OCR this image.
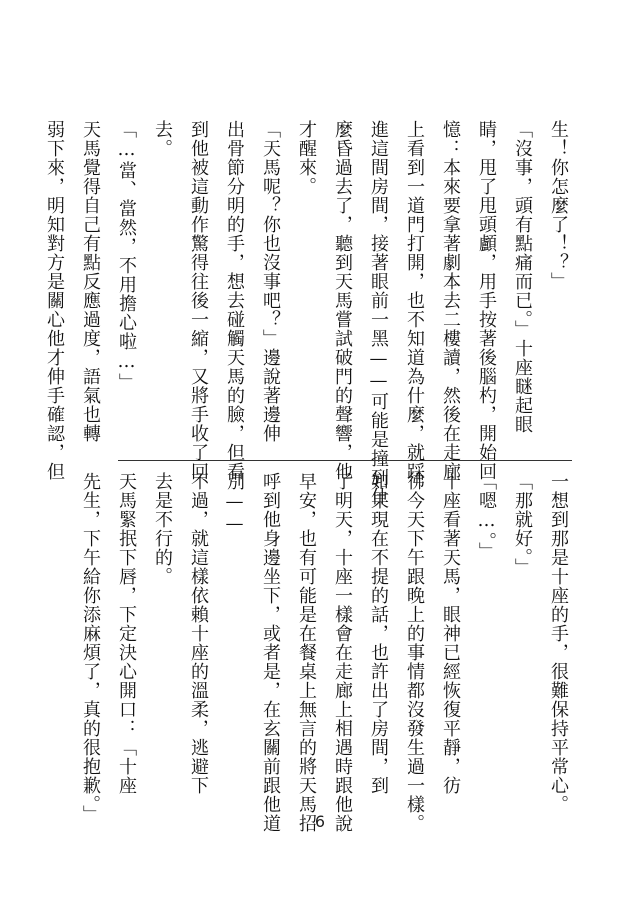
生！你怎麼了！？」
「沒事，頭有點痛而已。」十座瞇起眼
睛，甩了甩頭顱，用手按著後腦杓，開始回
憶：本來要拿著劇本去二樓讀，然後在走廊
上看到一道門打開，也不知道為什麼，就踩
進這間房間，接著眼前一黑——可能是撞到什
麼昏過去了，聽到天馬嘗試破門的聲響，他
才醒來。
「天馬呢？你也沒事吧？」邊說著邊伸
出骨節分明的手，想去碰觸天馬的臉，但看
到他被這動作驚得往後一縮，又將手收了回
去。
「…當、當然，不用擔心啦…」
天馬覺得自己有點反應過度，語氣也轉
弱下來，明知對方是關心他才伸手確認，但
一想到那是十座的手，很難保持平常心。
「那就好。」
「嗯…。」
十座看著天馬，眼神已經恢復平靜，彷
彿今天下午跟晚上的事情都沒發生過一樣。
如果現在不提的話，也許出了房間，到
了明天，十座一樣會在走廊上相遇時跟他說
早安，也有可能是在餐桌上無言的將天馬招
呼到他身邊坐下，或者是，在玄關前跟他道
別——
不過，就這樣依賴十座的溫柔，逃避下
去是不行的。
天馬緊抿下唇，下定決心開口：「十座
先生，下午給你添麻煩了，真的很抱歉。」	6
